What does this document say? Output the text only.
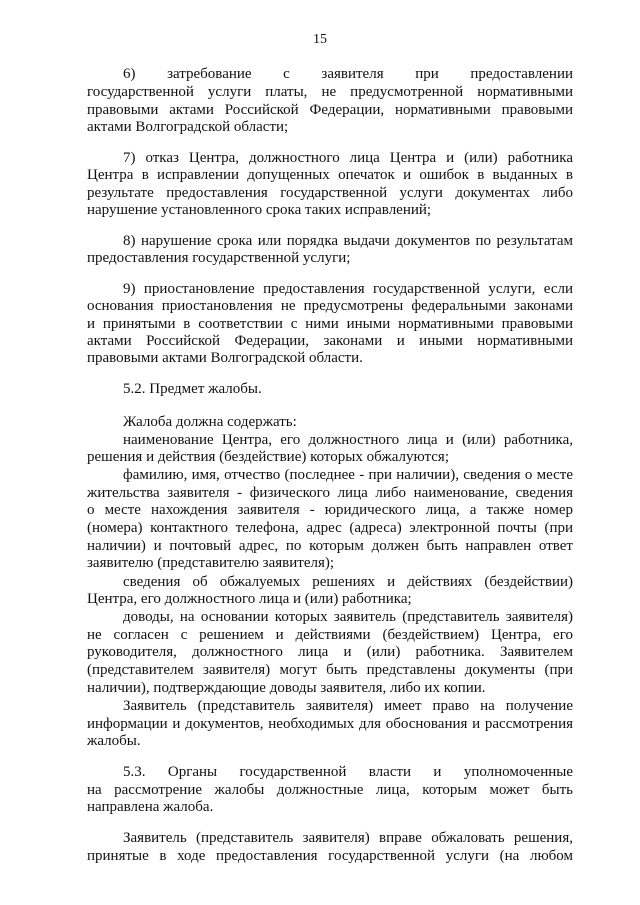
15
6) затребование с заявителя при предоставлении
государственной услуги платы, не предусмотренной нормативными
правовыми актами Российской Федерации, нормативными правовыми
актами Волгоградской области;
7) отказ Центра, должностного лица Центра и (или) работника
Центра в исправлении допущенных опечаток и ошибок в выданных в
результате предоставления государственной услуги документах либо
нарушение установленного срока таких исправлений;
8) нарушение срока или порядка выдачи документов по результатам
предоставления государственной услуги;
9) приостановление предоставления государственной услуги, если
основания приостановления не предусмотрены федеральными законами
и принятыми в соответствии с ними иными нормативными правовыми
актами Российской Федерации, законами и иными нормативными
правовыми актами Волгоградской области.
5.2. Предмет жалобы.
Жалоба должна содержать:
наименование Центра, его должностного лица и (или) работника,
решения и действия (бездействие) которых обжалуются;
фамилию, имя, отчество (последнее - при наличии), сведения о месте
жительства заявителя - физического лица либо наименование, сведения
о месте нахождения заявителя - юридического лица, а также номер
(номера) контактного телефона, адрес (адреса) электронной почты (при
наличии) и почтовый адрес, по которым должен быть направлен ответ
заявителю (представителю заявителя);
сведения об обжалуемых решениях и действиях (бездействии)
Центра, его должностного лица и (или) работника;
доводы, на основании которых заявитель (представитель заявителя)
не согласен с решением и действиями (бездействием) Центра, его
руководителя, должностного лица и (или) работника. Заявителем
(представителем заявителя) могут быть представлены документы (при
наличии), подтверждающие доводы заявителя, либо их копии.
Заявитель (представитель заявителя) имеет право на получение
информации и документов, необходимых для обоснования и рассмотрения
жалобы.
5.3. Органы государственной власти и уполномоченные
на рассмотрение жалобы должностные лица, которым может быть
направлена жалоба.
Заявитель (представитель заявителя) вправе обжаловать решения,
принятые в ходе предоставления государственной услуги (на любом
